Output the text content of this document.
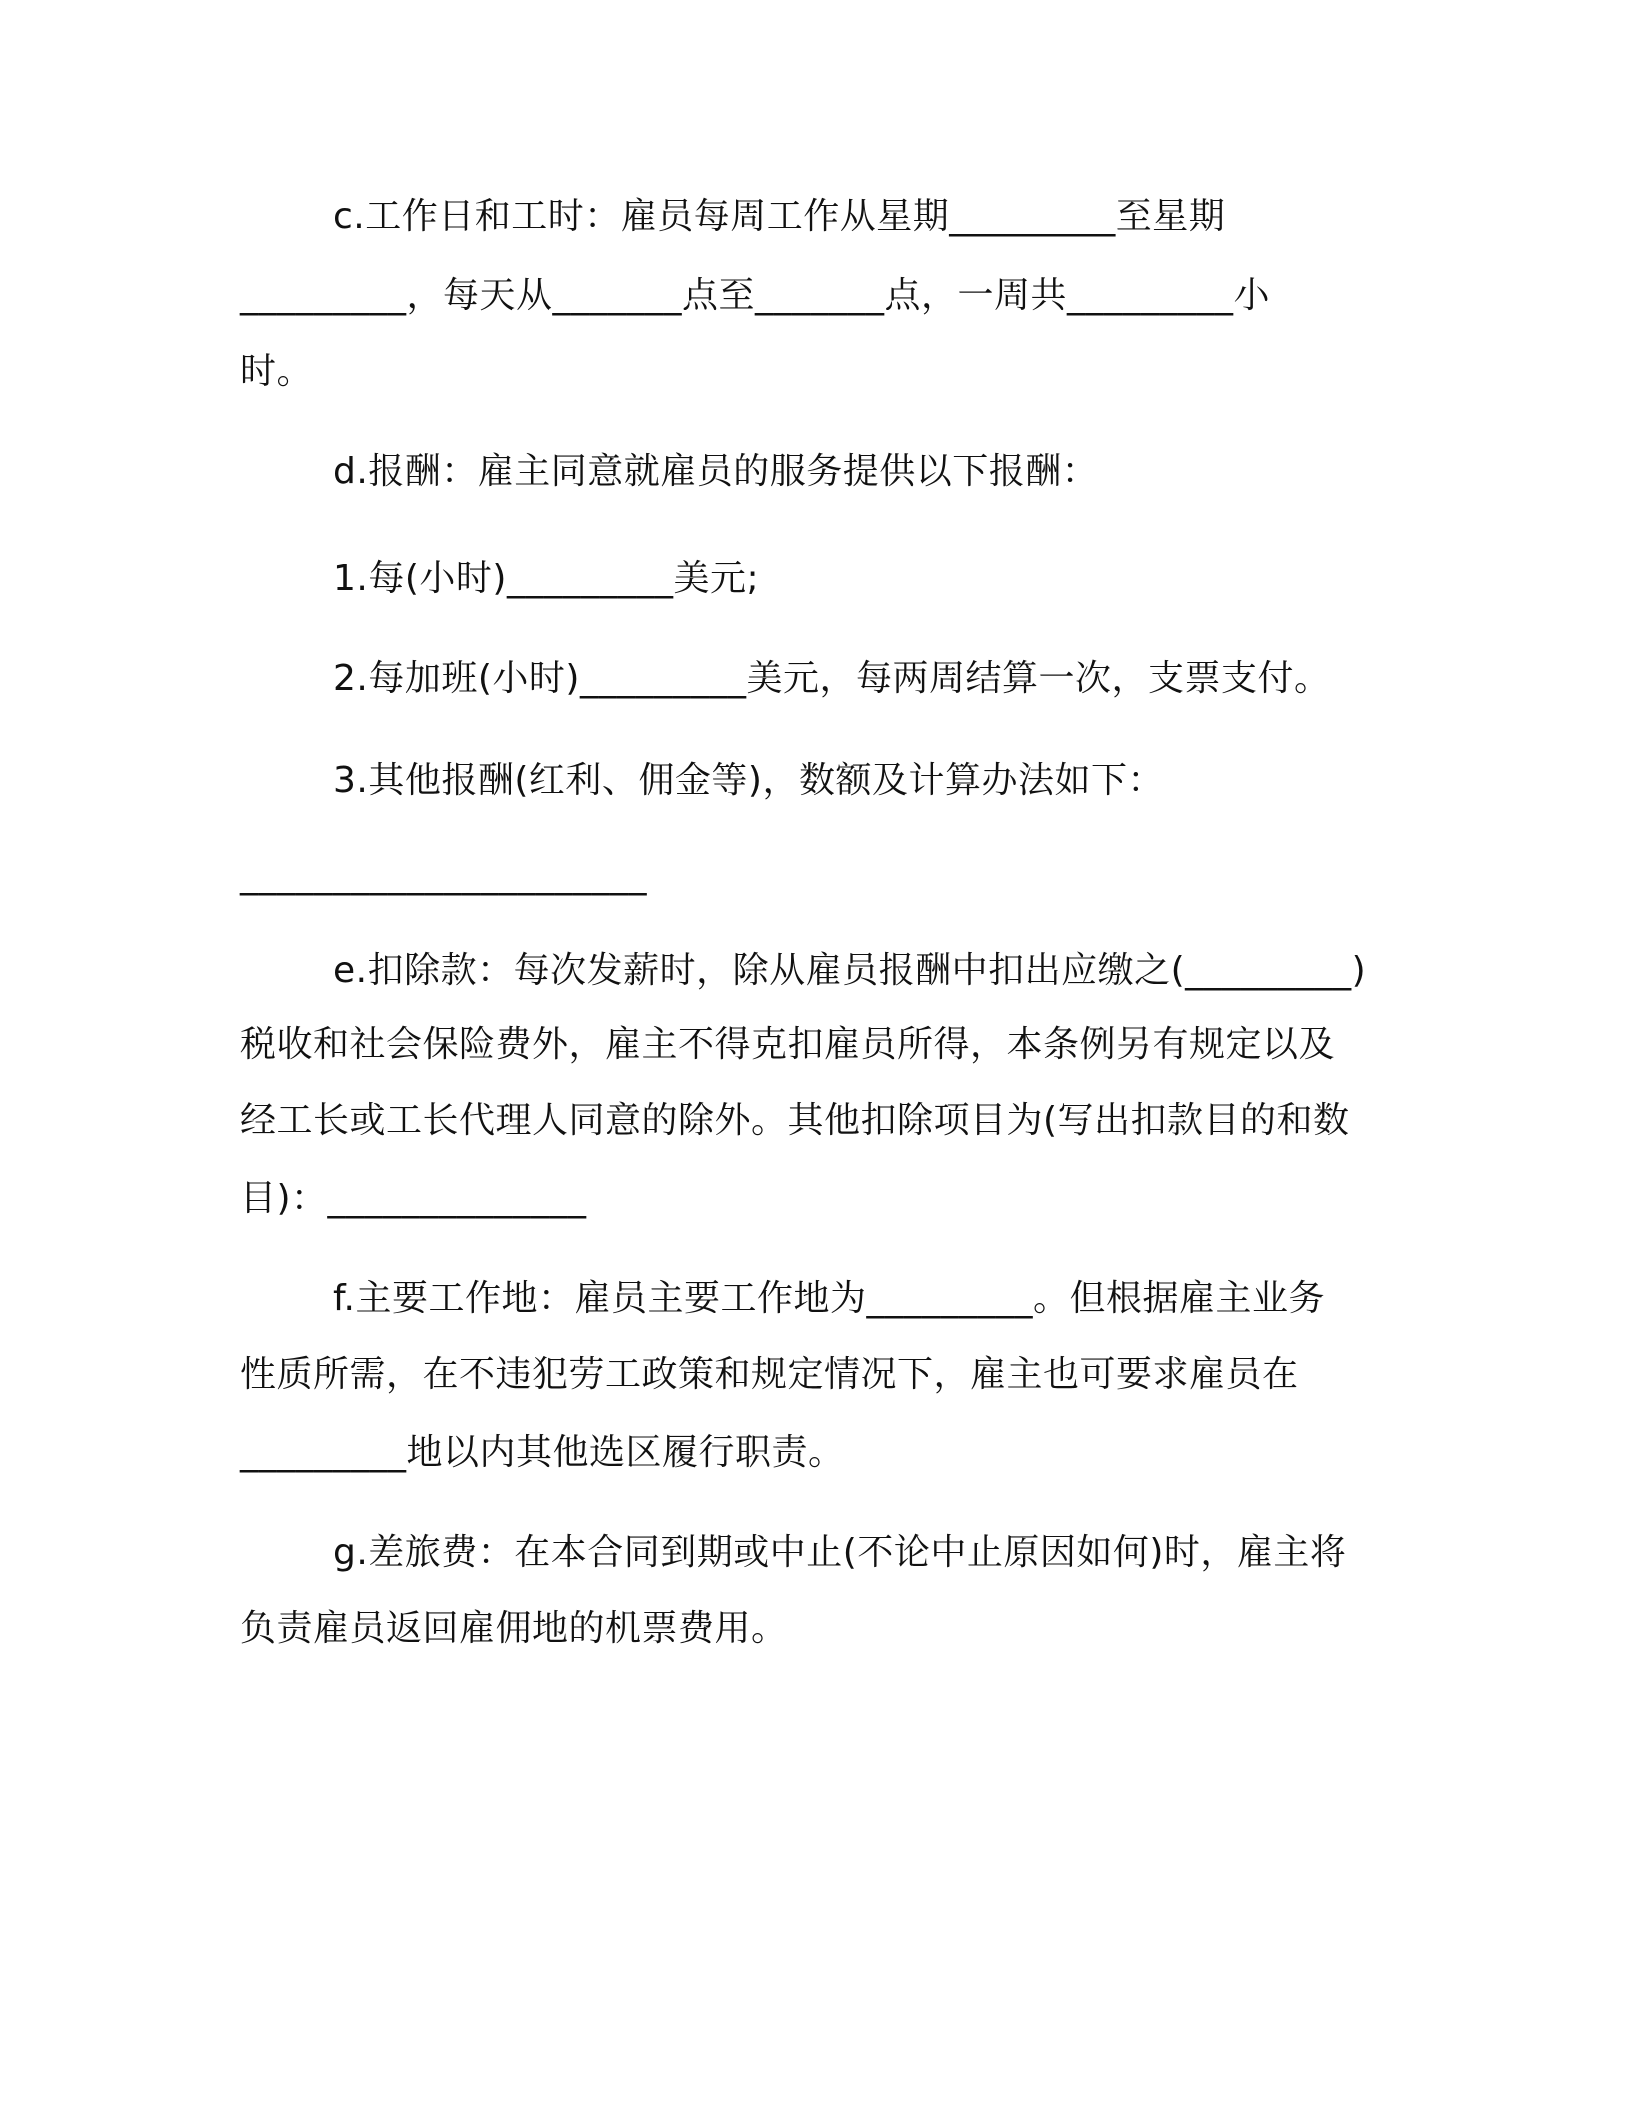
c.工作日和工时：雇员每周工作从星期_________至星期

_________，每天从_______点至_______点，一周共_________小

时。

d.报酬：雇主同意就雇员的服务提供以下报酬：

1.每(小时)_________美元;

2.每加班(小时)_________美元，每两周结算一次，支票支付。

3.其他报酬(红利、佣金等)，数额及计算办法如下：

______________________

e.扣除款：每次发薪时，除从雇员报酬中扣出应缴之(_________)

税收和社会保险费外，雇主不得克扣雇员所得，本条例另有规定以及

经工长或工长代理人同意的除外。其他扣除项目为(写出扣款目的和数

目)：______________

f.主要工作地：雇员主要工作地为_________。但根据雇主业务

性质所需，在不违犯劳工政策和规定情况下，雇主也可要求雇员在

_________地以内其他选区履行职责。

g.差旅费：在本合同到期或中止(不论中止原因如何)时，雇主将

负责雇员返回雇佣地的机票费用。
